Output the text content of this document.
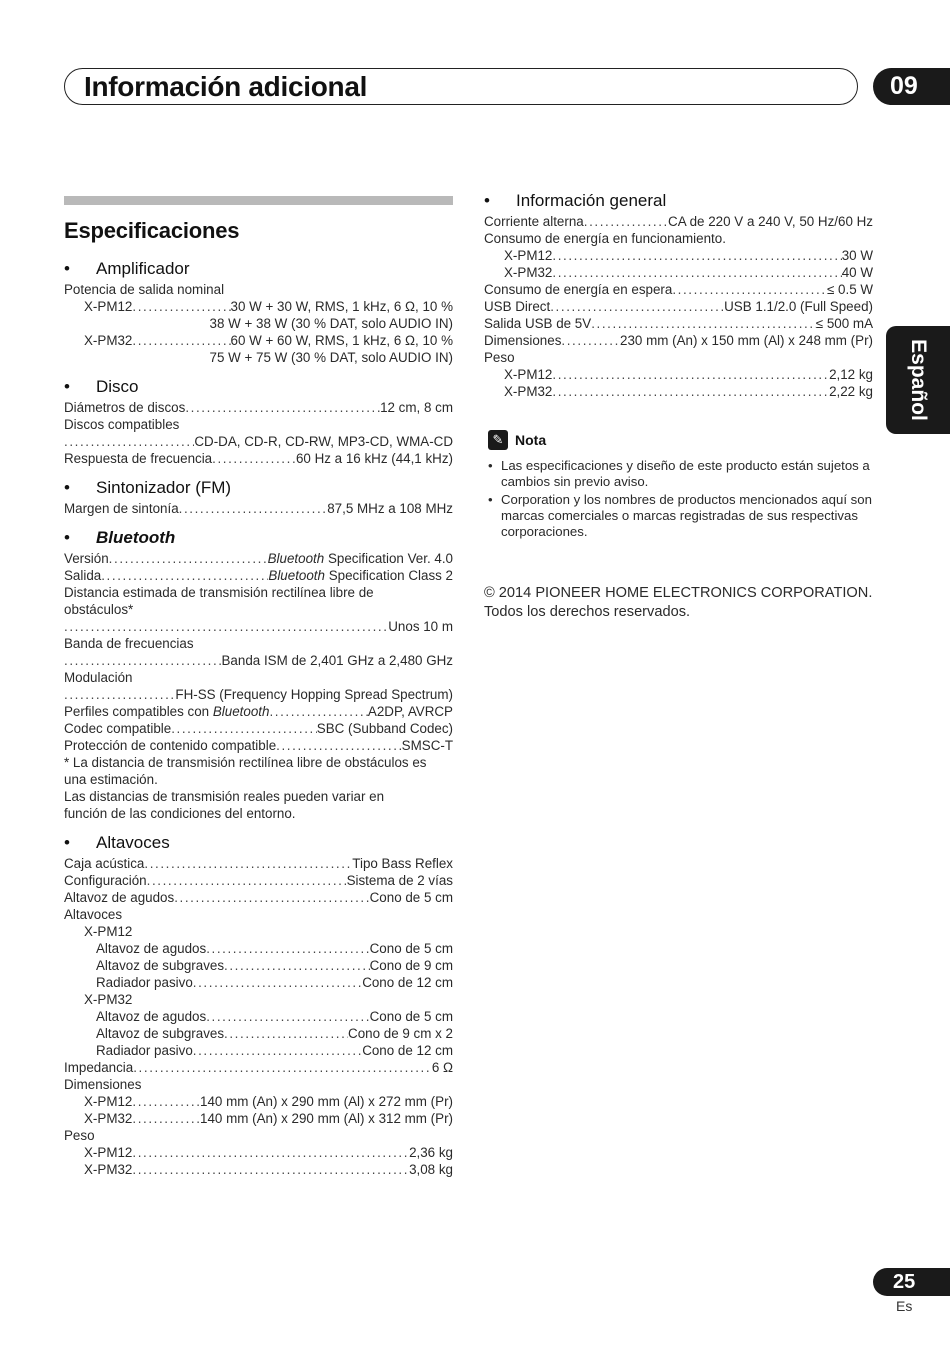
Información adicional	09
Español
Especificaciones
•	Amplificador
Potencia de salida nominal
X-PM12 .....	30 W + 30 W, RMS, 1 kHz, 6 Ω, 10 %
38 W + 38 W (30 % DAT, solo AUDIO IN)
X-PM32 .....	60 W + 60 W, RMS, 1 kHz, 6 Ω, 10 %
75 W + 75 W (30 % DAT, solo AUDIO IN)
•	Disco
Diámetros de discos .....	12 cm, 8 cm
Discos compatibles
.....
CD-DA, CD-R, CD-RW, MP3-CD, WMA-CD
Respuesta de frecuencia .....	60 Hz a 16 kHz (44,1 kHz)
•	Sintonizador (FM)
Margen de sintonía .....	87,5 MHz a 108 MHz
•	Bluetooth
Versión .....	Bluetooth Specification Ver. 4.0
Salida .....	Bluetooth Specification Class 2
Distancia estimada de transmisión rectilínea libre de
obstáculos*
.....
Unos 10 m
Banda de frecuencias
.....
Banda ISM de 2,401 GHz a 2,480 GHz
Modulación
.....
FH-SS (Frequency Hopping Spread Spectrum)
Perfiles compatibles con Bluetooth .....	A2DP, AVRCP
Codec compatible .....	SBC (Subband Codec)
Protección de contenido compatible .....	SMSC-T
* La distancia de transmisión rectilínea libre de obstáculos es
una estimación.
Las distancias de transmisión reales pueden variar en
función de las condiciones del entorno.
•	Altavoces
Caja acústica .....	Tipo Bass Reflex
Configuración .....	Sistema de 2 vías
Altavoz de agudos .....	Cono de 5 cm
Altavoces
X-PM12
Altavoz de agudos .....	Cono de 5 cm
Altavoz de subgraves .....	Cono de 9 cm
Radiador pasivo .....	Cono de 12 cm
X-PM32
Altavoz de agudos .....	Cono de 5 cm
Altavoz de subgraves .....	Cono de 9 cm x 2
Radiador pasivo .....	Cono de 12 cm
Impedancia .....	6 Ω
Dimensiones
X-PM12 .....	140 mm (An) x 290 mm (Al) x 272 mm (Pr)
X-PM32 .....	140 mm (An) x 290 mm (Al) x 312 mm (Pr)
Peso
X-PM12 .....	2,36 kg
X-PM32 .....	3,08 kg
•	Información general
Corriente alterna .....	CA de 220 V a 240 V, 50 Hz/60 Hz
Consumo de energía en funcionamiento.
X-PM12 .....	30 W
X-PM32 .....	40 W
Consumo de energía en espera .....	≤ 0.5 W
USB Direct .....	USB 1.1/2.0 (Full Speed)
Salida USB de 5V .....	≤ 500 mA
Dimensiones .....	230 mm (An) x 150 mm (Al) x 248 mm (Pr)
Peso
X-PM12 .....	2,12 kg
X-PM32 .....	2,22 kg
✎ Nota
• Las especificaciones y diseño de este producto están sujetos a cambios sin previo aviso.
• Corporation y los nombres de productos mencionados aquí son marcas comerciales o marcas registradas de sus respectivas corporaciones.
© 2014 PIONEER HOME ELECTRONICS CORPORATION.
Todos los derechos reservados.
25
Es
